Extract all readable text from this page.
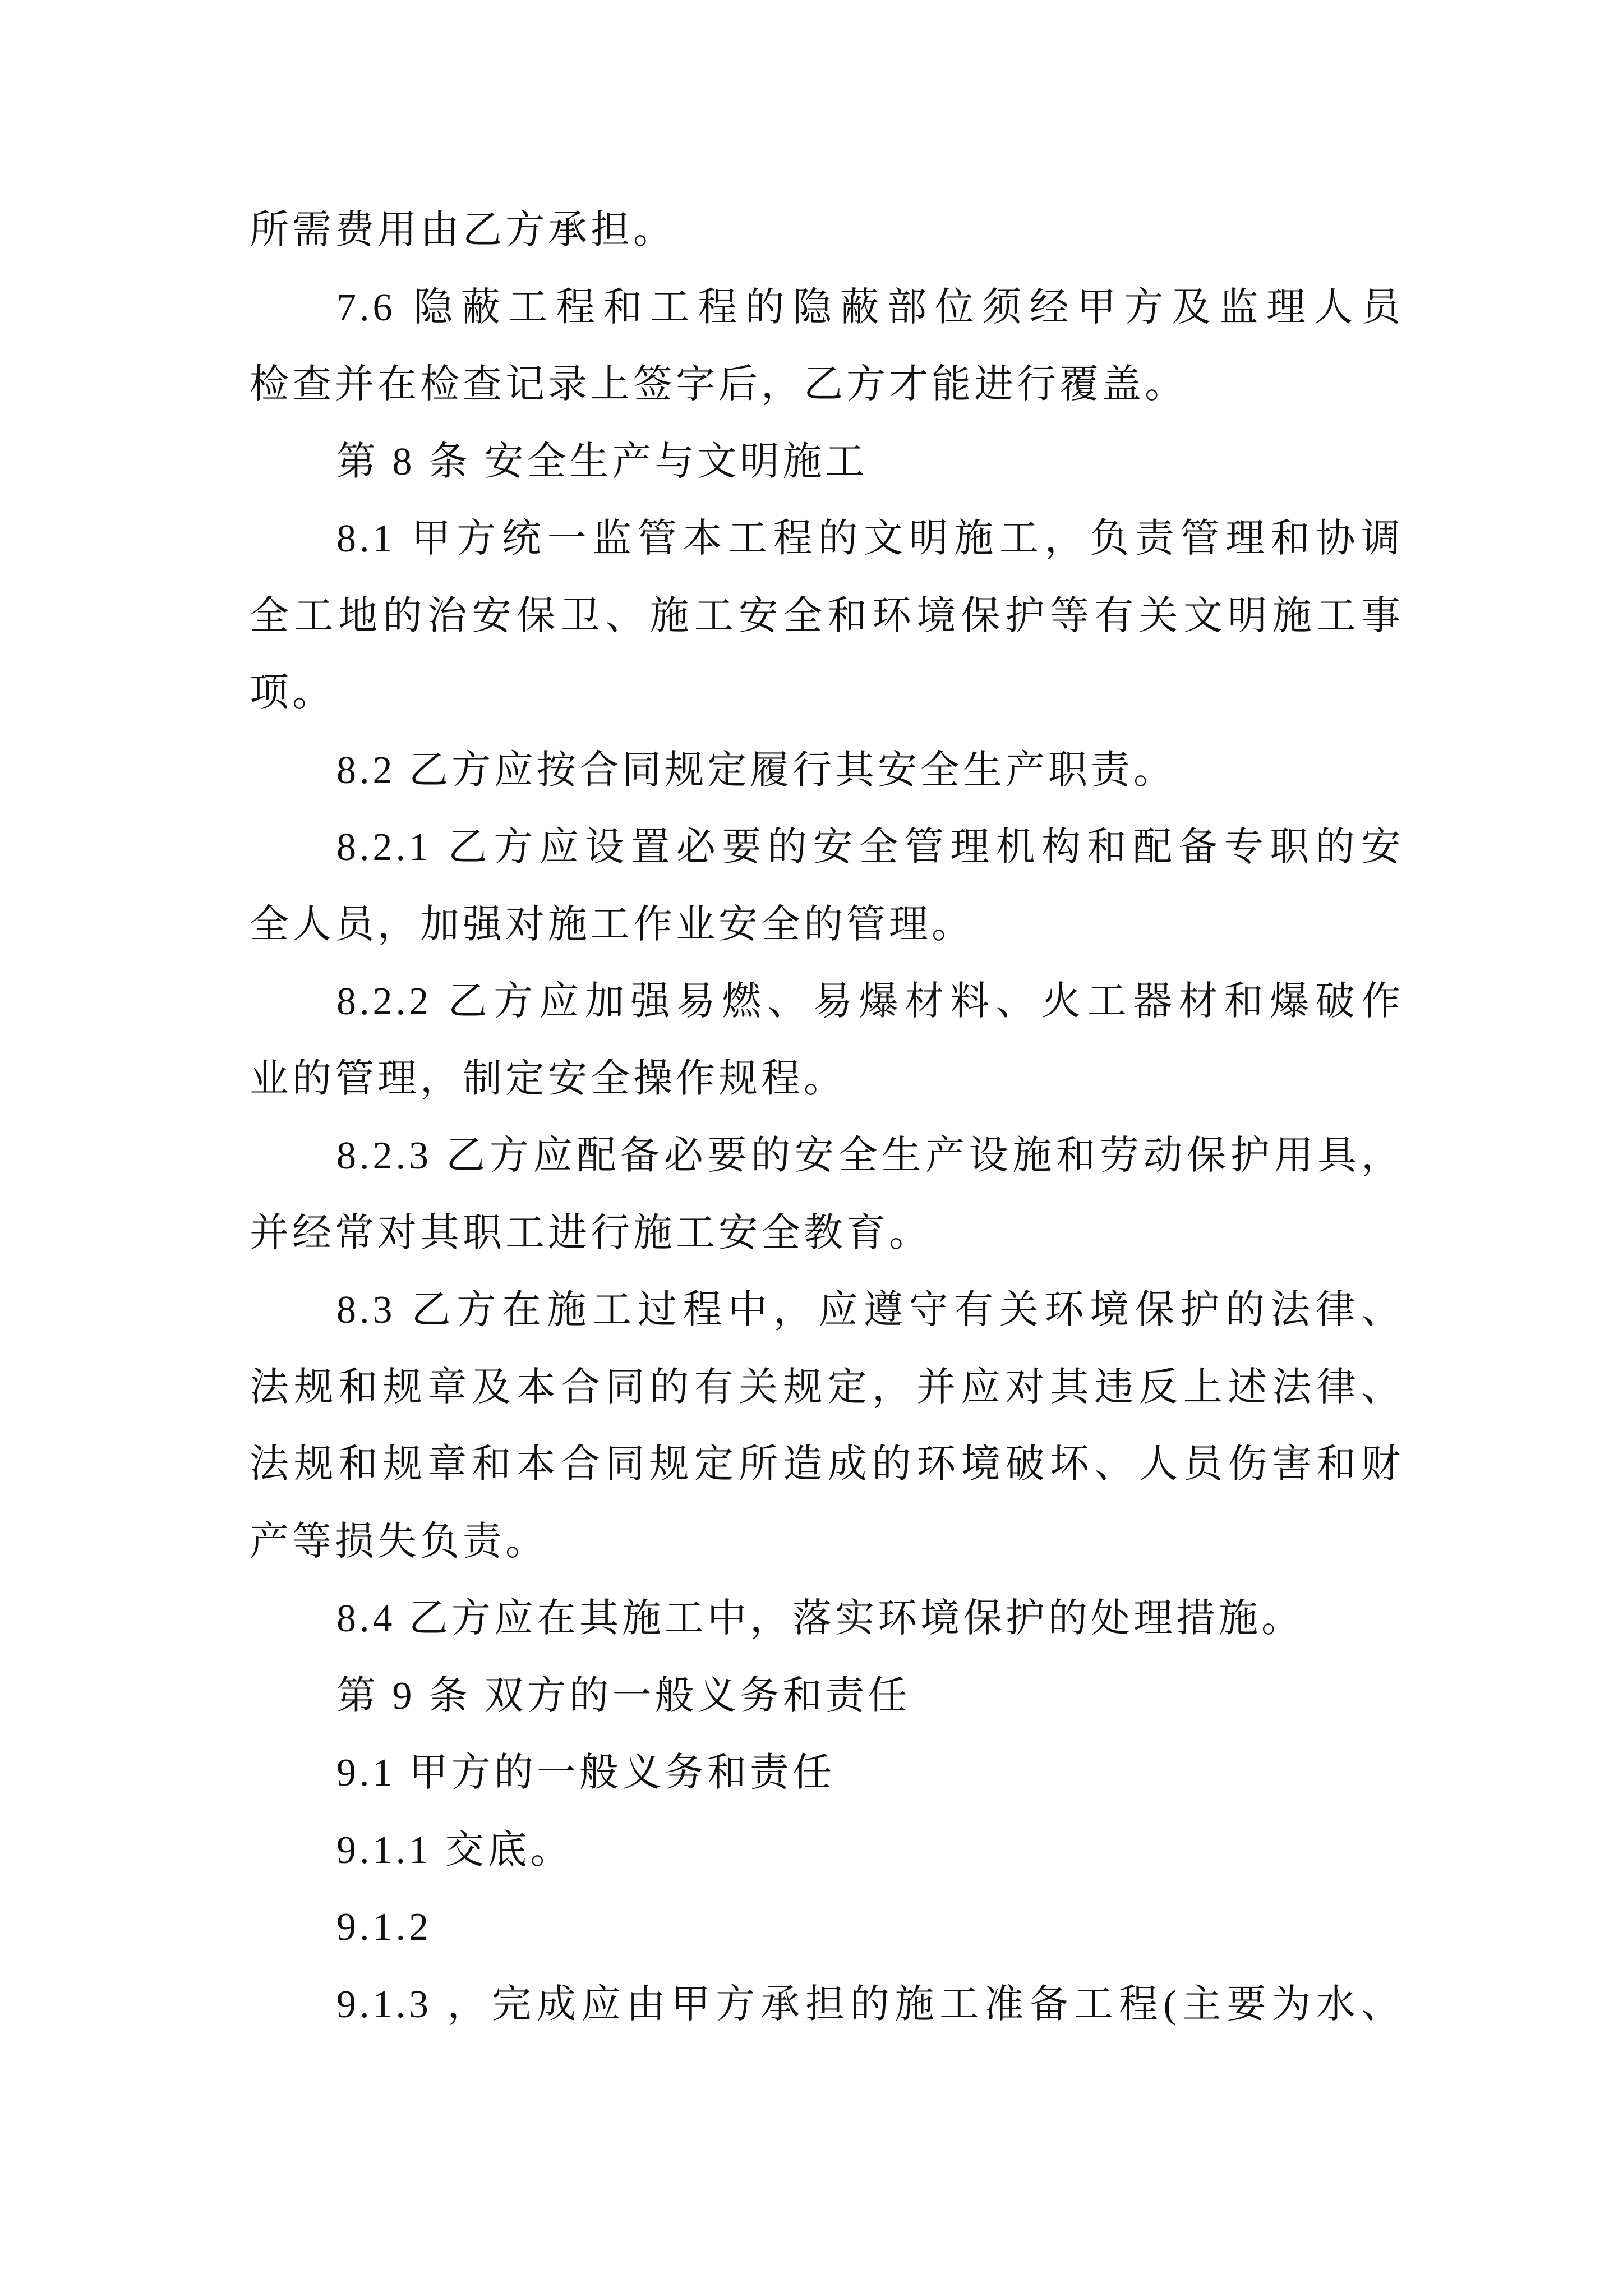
所需费用由乙方承担。
7.6 隐蔽工程和工程的隐蔽部位须经甲方及监理人员
检查并在检查记录上签字后，乙方才能进行覆盖。
第 8 条 安全生产与文明施工
8.1 甲方统一监管本工程的文明施工，负责管理和协调
全工地的治安保卫、施工安全和环境保护等有关文明施工事
项。
8.2 乙方应按合同规定履行其安全生产职责。
8.2.1 乙方应设置必要的安全管理机构和配备专职的安
全人员，加强对施工作业安全的管理。
8.2.2 乙方应加强易燃、易爆材料、火工器材和爆破作
业的管理，制定安全操作规程。
8.2.3 乙方应配备必要的安全生产设施和劳动保护用具，
并经常对其职工进行施工安全教育。
8.3 乙方在施工过程中，应遵守有关环境保护的法律、
法规和规章及本合同的有关规定，并应对其违反上述法律、
法规和规章和本合同规定所造成的环境破坏、人员伤害和财
产等损失负责。
8.4 乙方应在其施工中，落实环境保护的处理措施。
第 9 条 双方的一般义务和责任
9.1 甲方的一般义务和责任
9.1.1 交底。
9.1.2
9.1.3 ，完成应由甲方承担的施工准备工程(主要为水、
